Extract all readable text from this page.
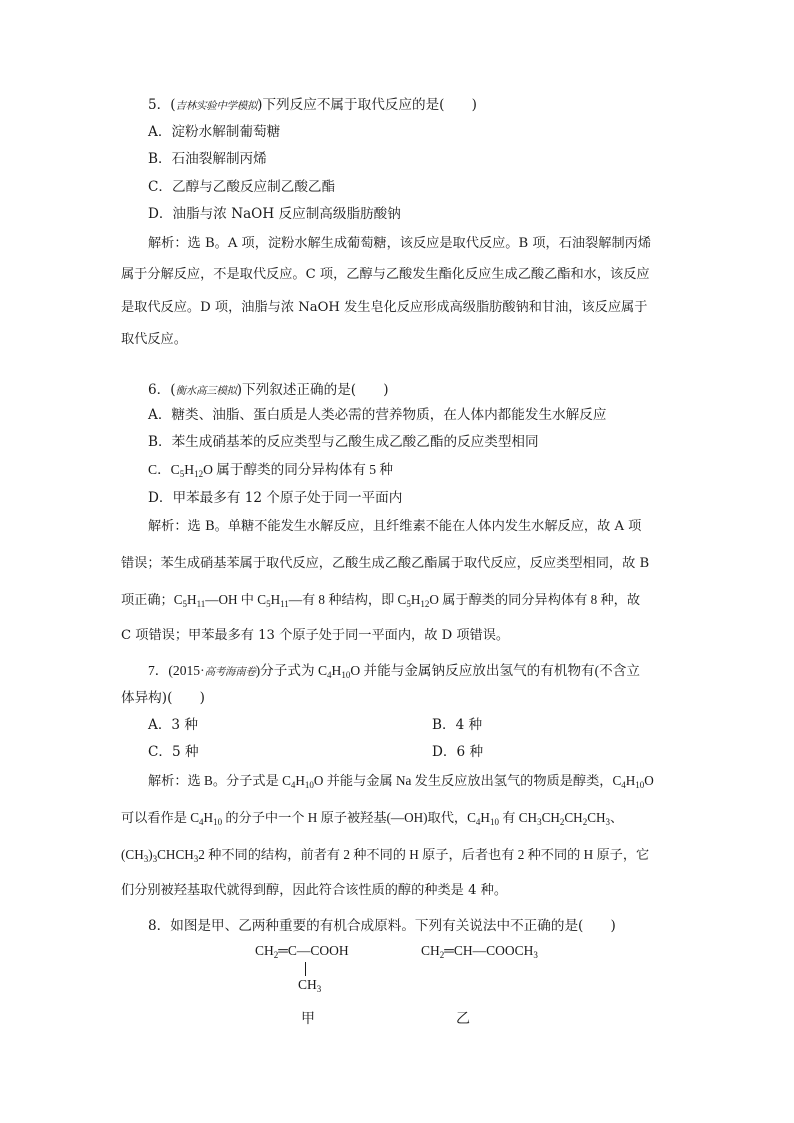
5．(吉林实验中学模拟)下列反应不属于取代反应的是(　　)
A．淀粉水解制葡萄糖
B．石油裂解制丙烯
C．乙醇与乙酸反应制乙酸乙酯
D．油脂与浓 NaOH 反应制高级脂肪酸钠
解析：选 B。A 项，淀粉水解生成葡萄糖，该反应是取代反应。B 项，石油裂解制丙烯
属于分解反应，不是取代反应。C 项，乙醇与乙酸发生酯化反应生成乙酸乙酯和水，该反应
是取代反应。D 项，油脂与浓 NaOH 发生皂化反应形成高级脂肪酸钠和甘油，该反应属于
取代反应。
6．(衡水高三模拟)下列叙述正确的是(　　)
A．糖类、油脂、蛋白质是人类必需的营养物质，在人体内都能发生水解反应
B．苯生成硝基苯的反应类型与乙酸生成乙酸乙酯的反应类型相同
C．$C_5H_{12}O$ 属于醇类的同分异构体有 5 种
D．甲苯最多有 12 个原子处于同一平面内
解析：选 B。单糖不能发生水解反应，且纤维素不能在人体内发生水解反应，故 A 项
错误；苯生成硝基苯属于取代反应，乙酸生成乙酸乙酯属于取代反应，反应类型相同，故 B
项正确；$C_5H_{11}—OH$ 中 $C_5H_{11}—$有 8 种结构，即 $C_5H_{12}O$ 属于醇类的同分异构体有 8 种，故
C 项错误；甲苯最多有 13 个原子处于同一平面内，故 D 项错误。
7．(2015·高考海南卷)分子式为 $C_4H_{10}O$ 并能与金属钠反应放出氢气的有机物有(不含立
体异构)(　　)
A．3 种	B．4 种
C．5 种	D．6 种
解析：选 B。分子式是 $C_4H_{10}O$ 并能与金属 Na 发生反应放出氢气的物质是醇类，$C_4H_{10}O$
可以看作是 $C_4H_{10}$ 的分子中一个 H 原子被羟基(—OH)取代，$C_4H_{10}$ 有 $CH_3CH_2CH_2CH_3$、
$(CH_3)_3CHCH_32$ 种不同的结构，前者有 2 种不同的 H 原子，后者也有 2 种不同的 H 原子，它
们分别被羟基取代就得到醇，因此符合该性质的醇的种类是 4 种。
8．如图是甲、乙两种重要的有机合成原料。下列有关说法中不正确的是(　　)
$CH_2═C—COOH$
$CH_3$
$CH_2═CH—COOCH_3$
甲	乙
